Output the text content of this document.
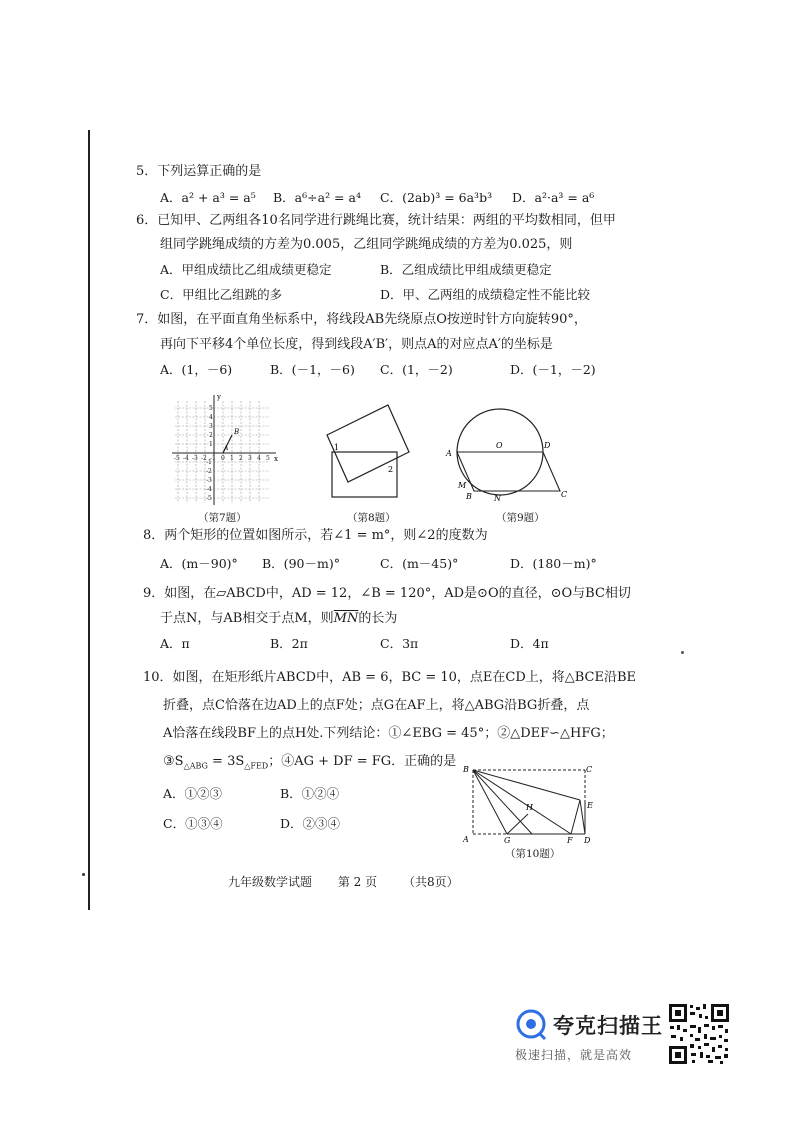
5．下列运算正确的是
A．a² + a³ = a⁵ B．a⁶÷a² = a⁴ C．(2ab)³ = 6a³b³ D．a²·a³ = a⁶
6．已知甲、乙两组各10名同学进行跳绳比赛，统计结果：两组的平均数相同，但甲
组同学跳绳成绩的方差为0.005，乙组同学跳绳成绩的方差为0.025，则
A．甲组成绩比乙组成绩更稳定	B．乙组成绩比甲组成绩更稳定
C．甲组比乙组跳的多	D．甲、乙两组的成绩稳定性不能比较
7．如图，在平面直角坐标系中，将线段AB先绕原点O按逆时针方向旋转90°，
再向下平移4个单位长度，得到线段A′B′，则点A的对应点A′的坐标是
A．(1，－6)	B．(－1，－6) C．(1，－2)	D．(－1，－2)
y
x
B
A
-5 -4 -3 -2 -1 0 1 2 3 4 5
5
4
3
2
1
-1
-2
-3
-4
-5
（第7题）
1
2
（第8题）
A
O	D
M
B	N	C
（第9题）
8．两个矩形的位置如图所示，若∠1 = m°，则∠2的度数为
A．(m－90)° B．(90－m)°	C．(m－45)°	D．(180－m)°
9．如图，在▱ABCD中，AD = 12，∠B = 120°，AD是⊙O的直径，⊙O与BC相切
于点N，与AB相交于点M，则$\overline{MN}$的长为
A．π	B．2π	C．3π	D．4π
10．如图，在矩形纸片ABCD中，AB = 6，BC = 10，点E在CD上，将△BCE沿BE
折叠，点C恰落在边AD上的点F处；点G在AF上，将△ABG沿BG折叠，点
A恰落在线段BF上的点H处.下列结论：①∠EBG = 45°；②△DEF∽△HFG；
$③S_{\triangle ABG} = 3S_{\triangle FED}$；④AG + DF = FG．正确的是
A．①②③	B．①②④
C．①③④	D．②③④
B	C
H	E
A	G	F D
（第10题）
九年级数学试题 第 2 页 （共8页）
夸克扫描王
极速扫描，就是高效
